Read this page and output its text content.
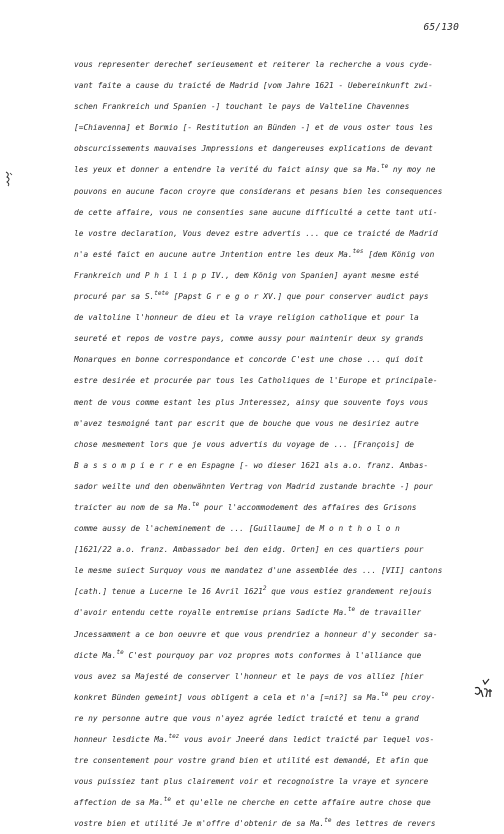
65/130
vous representer derechef serieusement et reiterer la recherche a vous cyde-
vant faite a cause du traicté de Madrid [vom Jahre 1621 - Uebereinkunft zwi-
schen Frankreich und Spanien -] touchant le pays de Valteline Chavennes
[=Chiavenna] et Bormio [- Restitution an Bünden -] et de vous oster tous les
obscurcissements mauvaises Jmpressions et dangereuses explications de devant
les yeux et donner a entendre la verité du faict ainsy que sa Ma.$^{te}$ ny moy ne
pouvons en aucune facon croyre que considerans et pesans bien les consequences
de cette affaire, vous ne consenties sane aucune difficulté a cette tant uti-
le vostre declaration, Vous devez estre advertis ... que ce traicté de Madrid
n'a esté faict en aucune autre Jntention entre les deux Ma.$^{tes}$ [dem König von
Frankreich und P h i l i p p IV., dem König von Spanien] ayant mesme esté
procuré par sa S.$^{tete}$ [Papst G r e g o r XV.] que pour conserver audict pays
de valtoline l'honneur de dieu et la vraye religion catholique et pour la
seureté et repos de vostre pays, comme aussy pour maintenir deux sy grands
Monarques en bonne correspondance et concorde C'est une chose ... qui doit
estre desirée et procurée par tous les Catholiques de l'Europe et principale-
ment de vous comme estant les plus Jnteressez, ainsy que souvente foys vous
m'avez tesmoigné tant par escrit que de bouche que vous ne desiriez autre
chose mesmement lors que je vous advertis du voyage de ... [François] de
B a s s o m p i e r r e en Espagne [- wo dieser 1621 als a.o. franz. Ambas-
sador weilte und den obenwähnten Vertrag von Madrid zustande brachte -] pour
traicter au nom de sa Ma.$^{te}$ pour l'accommodement des affaires des Grisons
comme aussy de l'acheminement de ... [Guillaume] de M o n t h o l o n
[1621/22 a.o. franz. Ambassador bei den eidg. Orten] en ces quartiers pour
le mesme suiect Surquoy vous me mandatez d'une assemblée des ... [VII] cantons
[cath.] tenue a Lucerne le 16 Avril 1621$^2$ que vous estiez grandement rejouis
d'avoir entendu cette royalle entremise prians Sadicte Ma.$^{te}$ de travailler
Jncessamment a ce bon oeuvre et que vous prendriez a honneur d'y seconder sa-
dicte Ma.$^{te}$ C'est pourquoy par voz propres mots conformes à l'alliance que
vous avez sa Majesté de conserver l'honneur et le pays de vos alliez [hier
konkret Bünden gemeint] vous obligent a cela et n'a [=ni?] sa Ma.$^{te}$ peu croy-
re ny personne autre que vous n'ayez agrée ledict traicté et tenu a grand
honneur lesdicte Ma.$^{tez}$ vous avoir Jneeré dans ledict traicté par lequel vos-
tre consentement pour vostre grand bien et utilité est demandé, Et afin que
vous puissiez tant plus clairement voir et recognoistre la vraye et syncere
affection de sa Ma.$^{te}$ et qu'elle ne cherche en cette affaire autre chose que
vostre bien et utilité Je m'offre d'obtenir de sa Ma.$^{te}$ des lettres de revers
